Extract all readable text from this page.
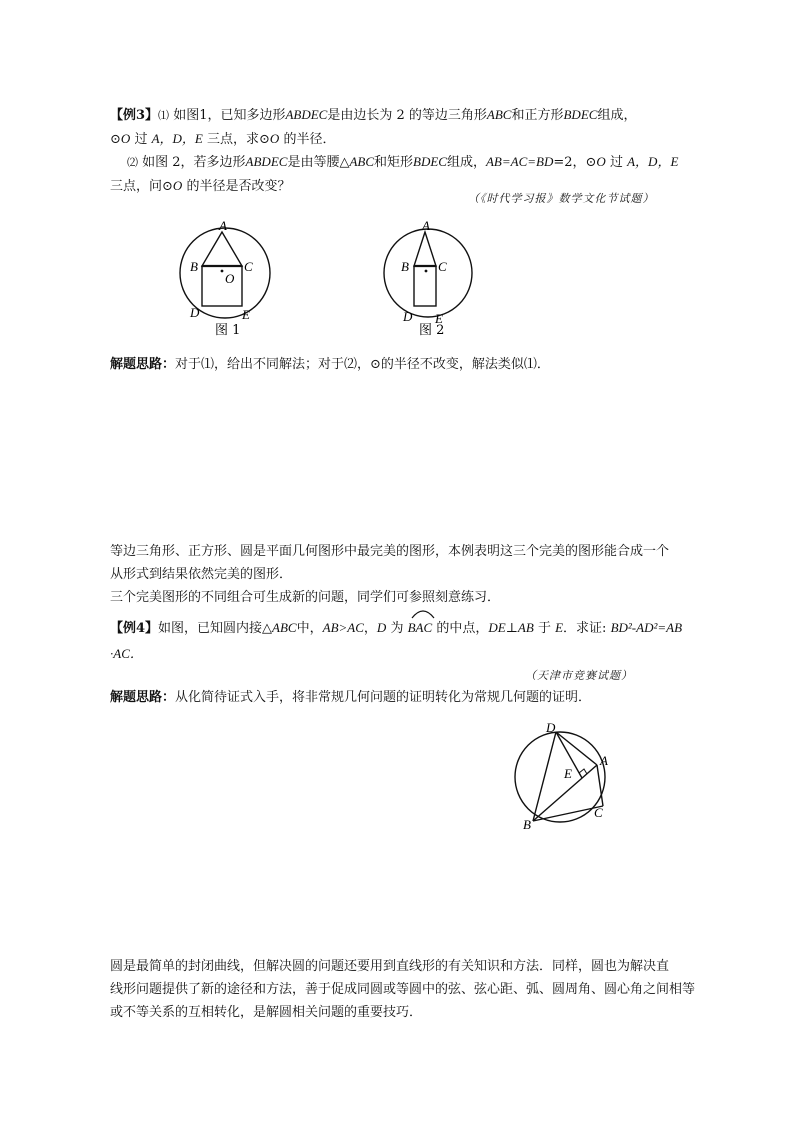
【例3】⑴ 如图1，已知多边形ABDEC是由边长为 2 的等边三角形ABC和正方形BDEC组成，
⊙O 过 A，D，E 三点，求⊙O 的半径．
⑵ 如图 2，若多边形ABDEC是由等腰△ABC和矩形BDEC组成，AB=AC=BD=2，⊙O 过 A，D，E
三点，问⊙O 的半径是否改变？
（《时代学习报》数学文化节试题）
A
B	C
O
D	E
图 1
A
B C
D E
图 2
解题思路：对于⑴，给出不同解法；对于⑵，⊙的半径不改变，解法类似⑴．
等边三角形、正方形、圆是平面几何图形中最完美的图形，本例表明这三个完美的图形能合成一个
从形式到结果依然完美的图形．
三个完美图形的不同组合可生成新的问题，同学们可参照刻意练习．
【例4】如图，已知圆内接△ABC中，AB>AC，D 为 BAC 的中点，DE⊥AB 于 E．求证: BD²-AD²=AB
·AC．
（天津市竞赛试题）
解题思路：从化简待证式入手，将非常规几何问题的证明转化为常规几何题的证明．
D
A
E
C
B
圆是最简单的封闭曲线，但解决圆的问题还要用到直线形的有关知识和方法．同样，圆也为解决直
线形问题提供了新的途径和方法，善于促成同圆或等圆中的弦、弦心距、弧、圆周角、圆心角之间相等
或不等关系的互相转化，是解圆相关问题的重要技巧．
